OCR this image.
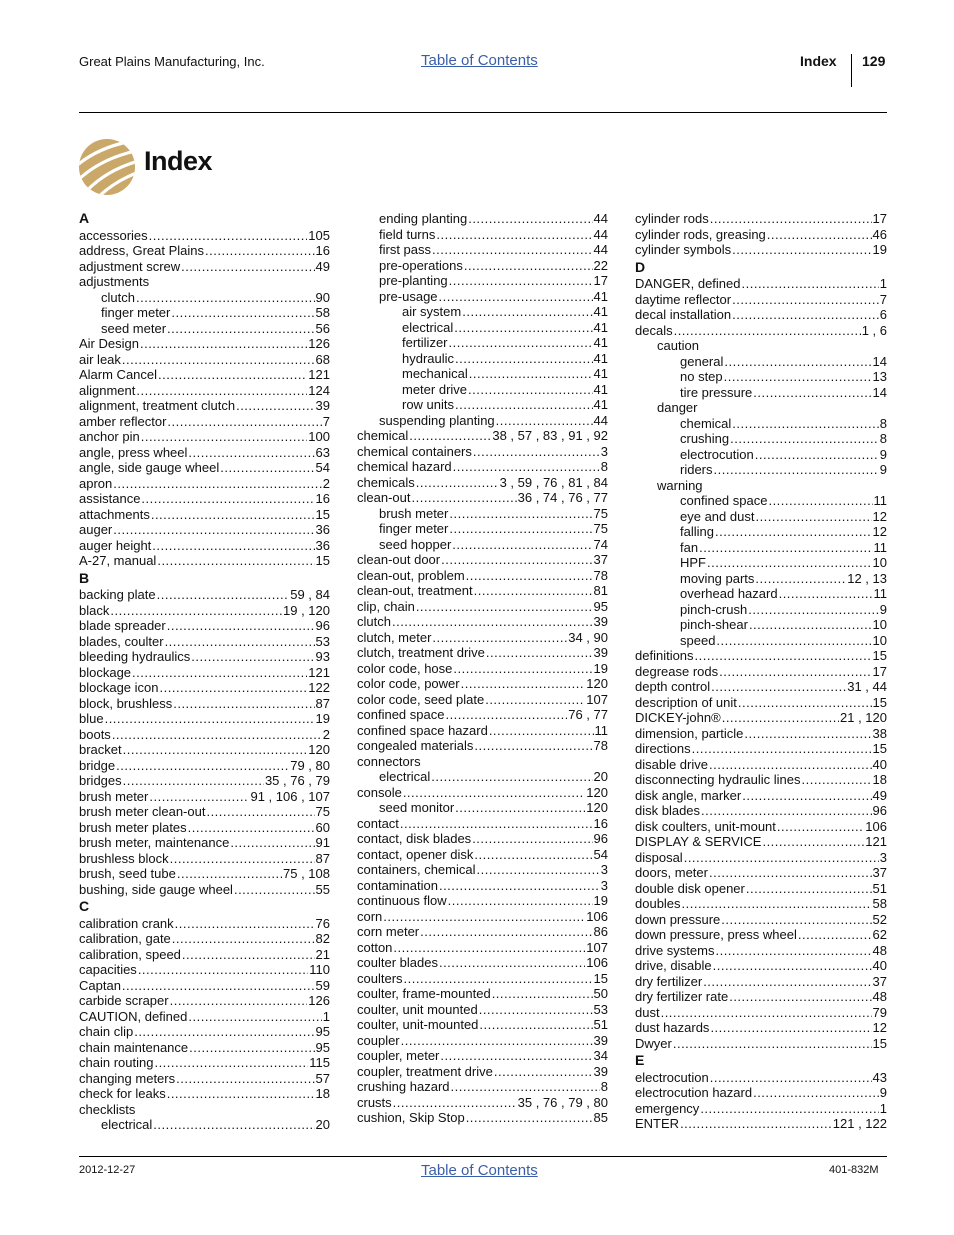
Great Plains Manufacturing, Inc.	Table of Contents	Index 129
Index
A
accessories .....	105
address, Great Plains .....	16
adjustment screw .....	49
adjustments
clutch .....	90
finger meter .....	58
seed meter .....	56
Air Design .....	126
air leak .....	68
Alarm Cancel .....	121
alignment .....	124
alignment, treatment clutch .....	39
amber reflector .....	7
anchor pin .....	100
angle, press wheel .....	63
angle, side gauge wheel .....	54
apron .....	2
assistance .....	16
attachments .....	15
auger .....	36
auger height .....	36
A-27, manual .....	15
B
backing plate .....	59 , 84
black .....	19 , 120
blade spreader .....	96
blades, coulter .....	53
bleeding hydraulics .....	93
blockage .....	121
blockage icon .....	122
block, brushless .....	87
blue .....	19
boots .....	2
bracket .....	120
bridge .....	79 , 80
bridges .....	35 , 76 , 79
brush meter .....	91 , 106 , 107
brush meter clean-out .....	75
brush meter plates .....	60
brush meter, maintenance .....	91
brushless block .....	87
brush, seed tube .....	75 , 108
bushing, side gauge wheel .....	55
C
calibration crank .....	76
calibration, gate .....	82
calibration, speed .....	21
capacities .....	110
Captan .....	59
carbide scraper .....	126
CAUTION, defined .....	1
chain clip .....	95
chain maintenance .....	95
chain routing .....	115
changing meters .....	57
check for leaks .....	18
checklists
electrical .....	20
ending planting .....	44
field turns .....	44
first pass .....	44
pre-operations .....	22
pre-planting .....	17
pre-usage .....	41
air system .....	41
electrical .....	41
fertilizer .....	41
hydraulic .....	41
mechanical .....	41
meter drive .....	41
row units .....	41
suspending planting .....	44
chemical .....	38 , 57 , 83 , 91 , 92
chemical containers .....	3
chemical hazard .....	8
chemicals .....	3 , 59 , 76 , 81 , 84
clean-out .....	36 , 74 , 76 , 77
brush meter .....	75
finger meter .....	75
seed hopper .....	74
clean-out door .....	37
clean-out, problem .....	78
clean-out, treatment .....	81
clip, chain .....	95
clutch .....	39
clutch, meter .....	34 , 90
clutch, treatment drive .....	39
color code, hose .....	19
color code, power .....	120
color code, seed plate .....	107
confined space .....	76 , 77
confined space hazard .....	11
congealed materials .....	78
connectors
electrical .....	20
console .....	120
seed monitor .....	120
contact .....	16
contact, disk blades .....	96
contact, opener disk .....	54
containers, chemical .....	3
contamination .....	3
continuous flow .....	19
corn .....	106
corn meter .....	86
cotton .....	107
coulter blades .....	106
coulters .....	15
coulter, frame-mounted .....	50
coulter, unit mounted .....	53
coulter, unit-mounted .....	51
coupler .....	39
coupler, meter .....	34
coupler, treatment drive .....	39
crushing hazard .....	8
crusts .....	35 , 76 , 79 , 80
cushion, Skip Stop .....	85
cylinder rods .....	17
cylinder rods, greasing .....	46
cylinder symbols .....	19
D
DANGER, defined .....	1
daytime reflector .....	7
decal installation .....	6
decals .....	1 , 6
caution
general .....	14
no step .....	13
tire pressure .....	14
danger
chemical .....	8
crushing .....	8
electrocution .....	9
riders .....	9
warning
confined space .....	11
eye and dust .....	12
falling .....	12
fan .....	11
HPF .....	10
moving parts .....	12 , 13
overhead hazard .....	11
pinch-crush .....	9
pinch-shear .....	10
speed .....	10
definitions .....	15
degrease rods .....	17
depth control .....	31 , 44
description of unit .....	15
DICKEY-john® .....	21 , 120
dimension, particle .....	38
directions .....	15
disable drive .....	40
disconnecting hydraulic lines .....	18
disk angle, marker .....	49
disk blades .....	96
disk coulters, unit-mount .....	106
DISPLAY & SERVICE .....	121
disposal .....	3
doors, meter .....	37
double disk opener .....	51
doubles .....	58
down pressure .....	52
down pressure, press wheel .....	62
drive systems .....	48
drive, disable .....	40
dry fertilizer .....	37
dry fertilizer rate .....	48
dust .....	79
dust hazards .....	12
Dwyer .....	15
E
electrocution .....	43
electrocution hazard .....	9
emergency .....	1
ENTER .....	121 , 122
2012-12-27	Table of Contents	401-832M
